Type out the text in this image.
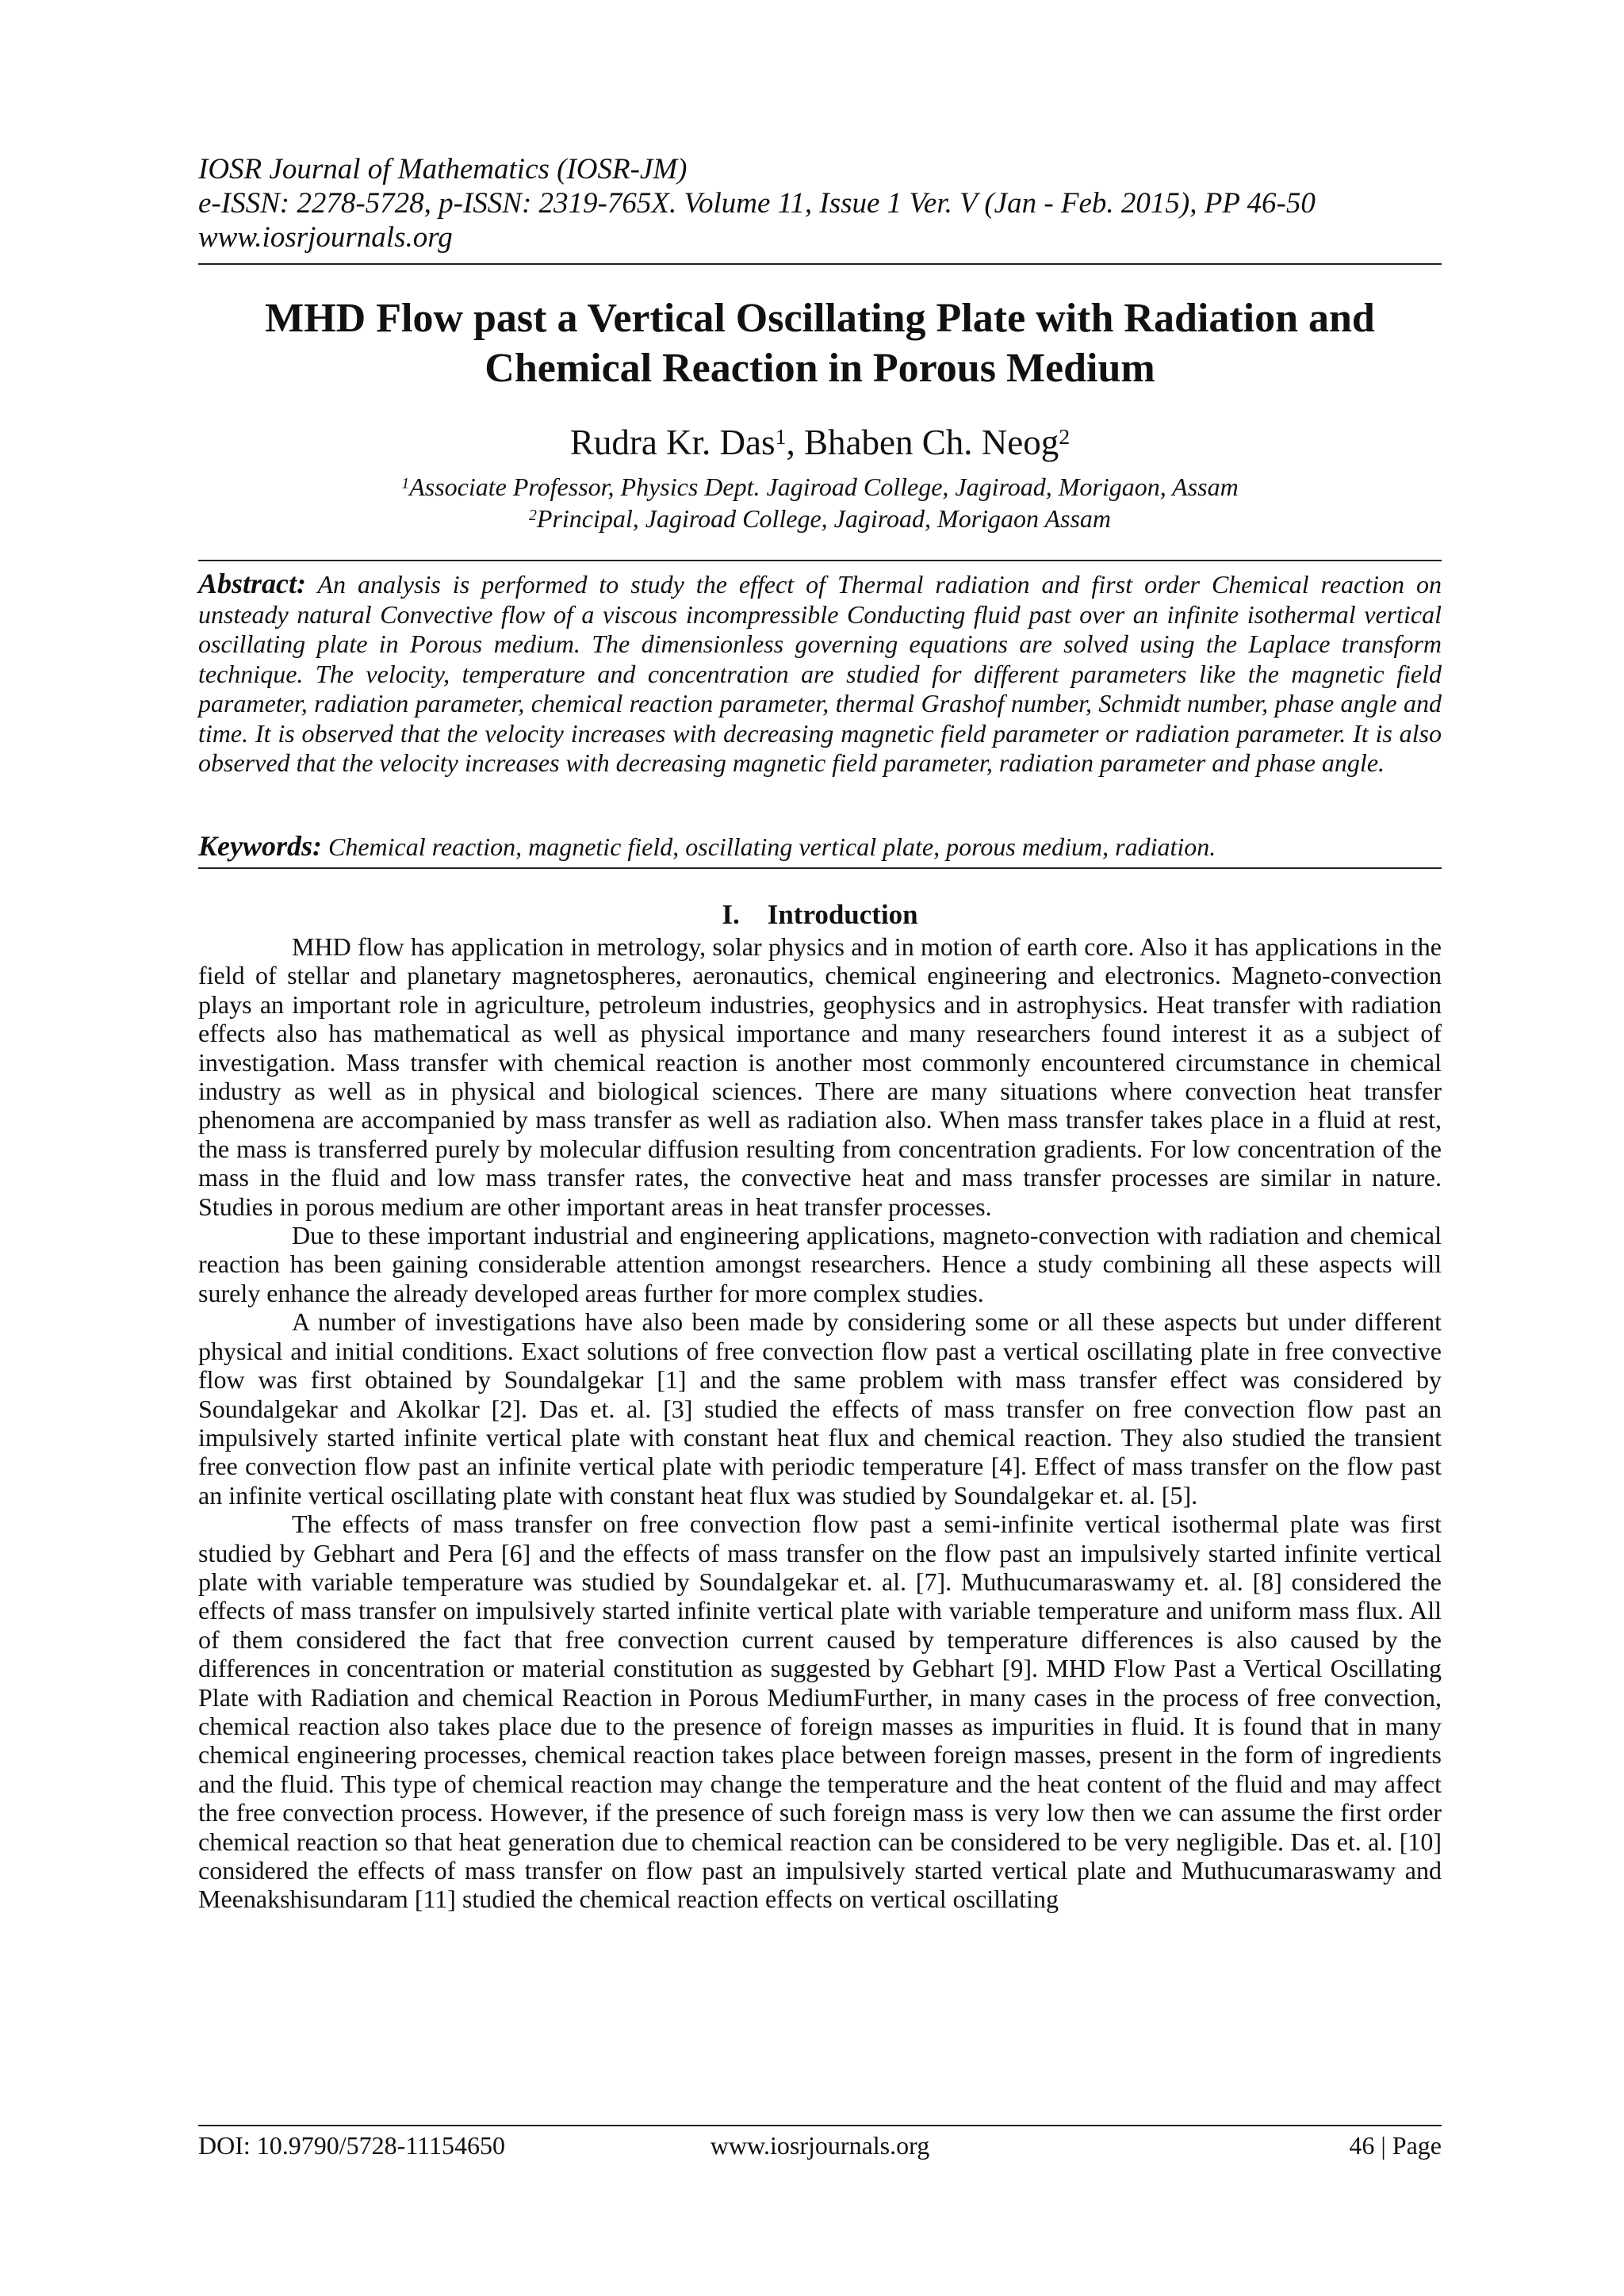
IOSR Journal of Mathematics (IOSR-JM)
e-ISSN: 2278-5728, p-ISSN: 2319-765X. Volume 11, Issue 1 Ver. V (Jan - Feb. 2015), PP 46-50
www.iosrjournals.org
MHD Flow past a Vertical Oscillating Plate with Radiation and
Chemical Reaction in Porous Medium
Rudra Kr. Das$^1$, Bhaben Ch. Neog$^2$
$^1$Associate Professor, Physics Dept. Jagiroad College, Jagiroad, Morigaon, Assam
$^2$Principal, Jagiroad College, Jagiroad, Morigaon Assam
Abstract: An analysis is performed to study the effect of Thermal radiation and first order Chemical reaction on unsteady natural Convective flow of a viscous incompressible Conducting fluid past over an infinite isothermal vertical oscillating plate in Porous medium. The dimensionless governing equations are solved using the Laplace transform technique. The velocity, temperature and concentration are studied for different parameters like the magnetic field parameter, radiation parameter, chemical reaction parameter, thermal Grashof number, Schmidt number, phase angle and time. It is observed that the velocity increases with decreasing magnetic field parameter or radiation parameter. It is also observed that the velocity increases with decreasing magnetic field parameter, radiation parameter and phase angle.
Keywords: Chemical reaction, magnetic field, oscillating vertical plate, porous medium, radiation.
I.    Introduction

MHD flow has application in metrology, solar physics and in motion of earth core. Also it has applications in the field of stellar and planetary magnetospheres, aeronautics, chemical engineering and electronics. Magneto-convection plays an important role in agriculture, petroleum industries, geophysics and in astrophysics. Heat transfer with radiation effects also has mathematical as well as physical importance and many researchers found interest it as a subject of investigation. Mass transfer with chemical reaction is another most commonly encountered circumstance in chemical industry as well as in physical and biological sciences. There are many situations where convection heat transfer phenomena are accompanied by mass transfer as well as radiation also. When mass transfer takes place in a fluid at rest, the mass is transferred purely by molecular diffusion resulting from concentration gradients. For low concentration of the mass in the fluid and low mass transfer rates, the convective heat and mass transfer processes are similar in nature. Studies in porous medium are other important areas in heat transfer processes.

Due to these important industrial and engineering applications, magneto-convection with radiation and chemical reaction has been gaining considerable attention amongst researchers. Hence a study combining all these aspects will surely enhance the already developed areas further for more complex studies.

A number of investigations have also been made by considering some or all these aspects but under different physical and initial conditions. Exact solutions of free convection flow past a vertical oscillating plate in free convective flow was first obtained by Soundalgekar [1] and the same problem with mass transfer effect was considered by Soundalgekar and Akolkar [2]. Das et. al. [3] studied the effects of mass transfer on free convection flow past an impulsively started infinite vertical plate with constant heat flux and chemical reaction. They also studied the transient free convection flow past an infinite vertical plate with periodic temperature [4]. Effect of mass transfer on the flow past an infinite vertical oscillating plate with constant heat flux was studied by Soundalgekar et. al. [5].

The effects of mass transfer on free convection flow past a semi-infinite vertical isothermal plate was first studied by Gebhart and Pera [6] and the effects of mass transfer on the flow past an impulsively started infinite vertical plate with variable temperature was studied by Soundalgekar et. al. [7]. Muthucumaraswamy et. al. [8] considered the effects of mass transfer on impulsively started infinite vertical plate with variable temperature and uniform mass flux. All of them considered the fact that free convection current caused by temperature differences is also caused by the differences in concentration or material constitution as suggested by Gebhart [9]. MHD Flow Past a Vertical Oscillating Plate with Radiation and chemical Reaction in Porous MediumFurther, in many cases in the process of free convection, chemical reaction also takes place due to the presence of foreign masses as impurities in fluid. It is found that in many chemical engineering processes, chemical reaction takes place between foreign masses, present in the form of ingredients and the fluid. This type of chemical reaction may change the temperature and the heat content of the fluid and may affect the free convection process. However, if the presence of such foreign mass is very low then we can assume the first order chemical reaction so that heat generation due to chemical reaction can be considered to be very negligible. Das et. al. [10] considered the effects of mass transfer on flow past an impulsively started vertical plate and Muthucumaraswamy and Meenakshisundaram [11] studied the chemical reaction effects on vertical oscillating

DOI: 10.9790/5728-11154650	www.iosrjournals.org	46 | Page
